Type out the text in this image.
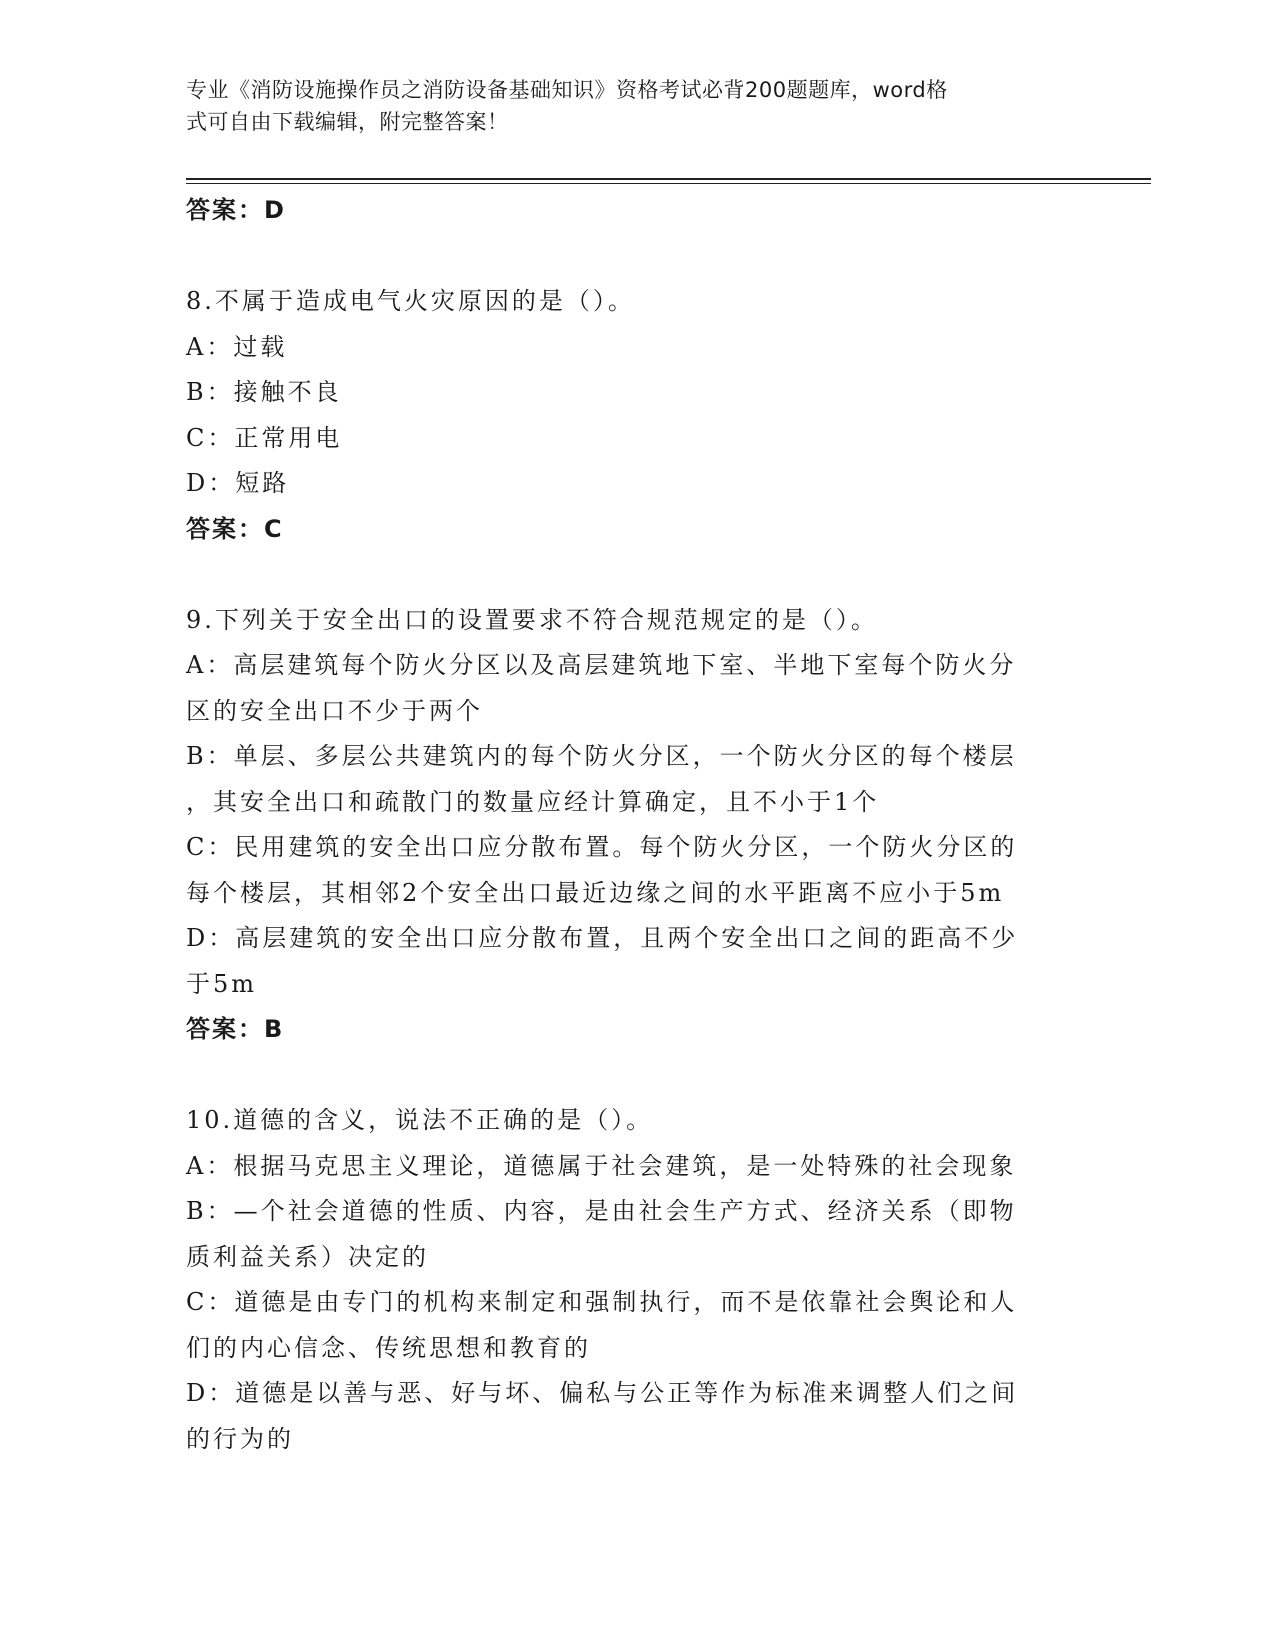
专业《消防设施操作员之消防设备基础知识》资格考试必背200题题库，word格
式可自由下载编辑，附完整答案！
答案：D
8.不属于造成电气火灾原因的是（）。
A：过载
B：接触不良
C：正常用电
D：短路
答案：C
9.下列关于安全出口的设置要求不符合规范规定的是（）。
A：高层建筑每个防火分区以及高层建筑地下室、半地下室每个防火分
区的安全出口不少于两个
B：单层、多层公共建筑内的每个防火分区，一个防火分区的每个楼层
，其安全出口和疏散门的数量应经计算确定，且不小于1个
C：民用建筑的安全出口应分散布置。每个防火分区，一个防火分区的
每个楼层，其相邻2个安全出口最近边缘之间的水平距离不应小于5m
D：高层建筑的安全出口应分散布置，且两个安全出口之间的距高不少
于5m
答案：B
10.道德的含义，说法不正确的是（）。
A：根据马克思主义理论，道德属于社会建筑，是一处特殊的社会现象
B：—个社会道德的性质、内容，是由社会生产方式、经济关系（即物
质利益关系）决定的
C：道德是由专门的机构来制定和强制执行，而不是依靠社会舆论和人
们的内心信念、传统思想和教育的
D：道德是以善与恶、好与坏、偏私与公正等作为标准来调整人们之间
的行为的
